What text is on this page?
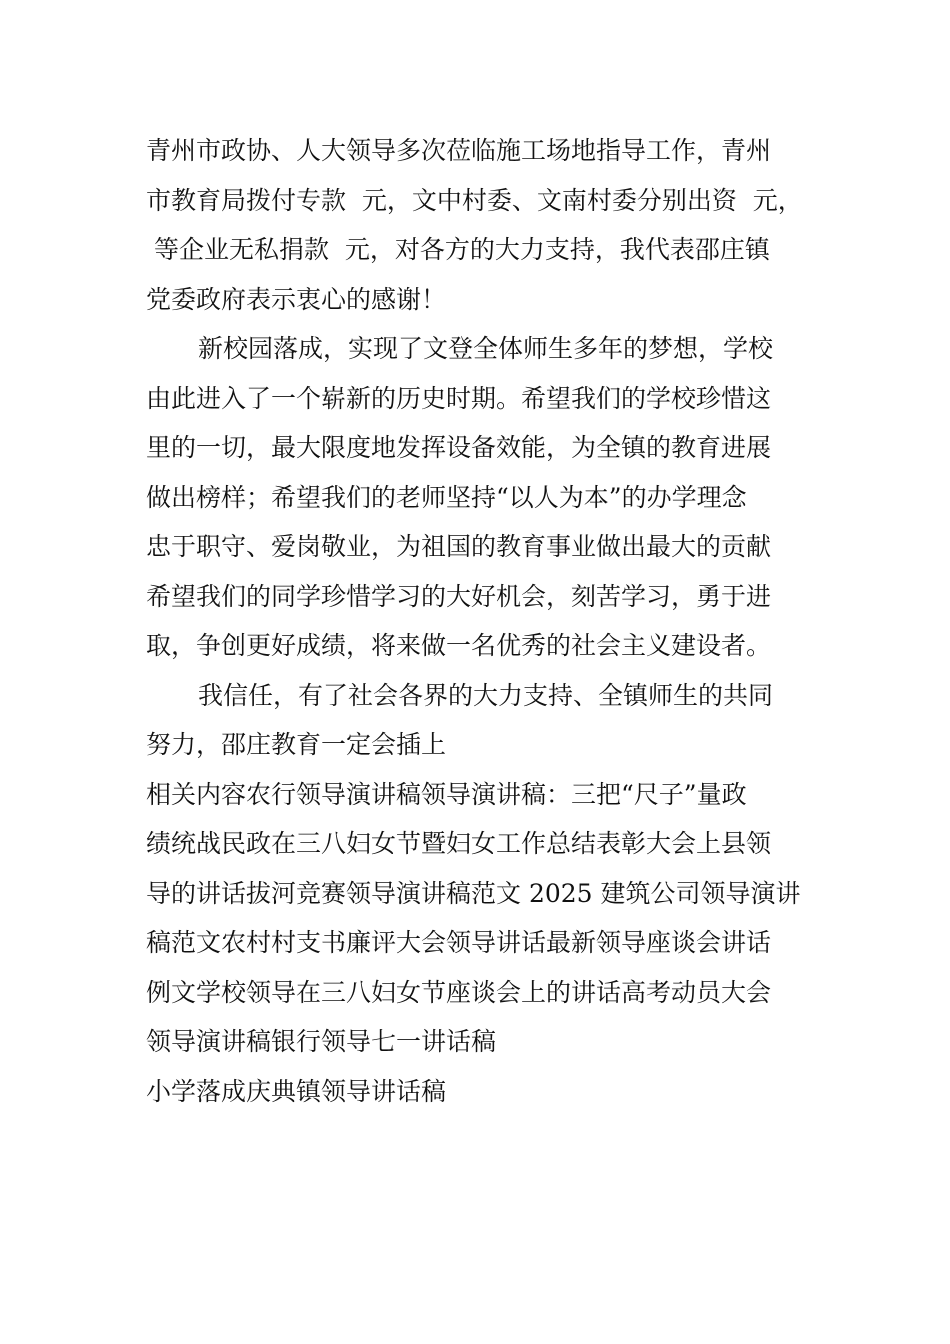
青州市政协、人大领导多次莅临施工场地指导工作，青州
市教育局拨付专款  元，文中村委、文南村委分别出资  元，
等企业无私捐款  元，对各方的大力支持，我代表邵庄镇
党委政府表示衷心的感谢！
新校园落成，实现了文登全体师生多年的梦想，学校
由此进入了一个崭新的历史时期。希望我们的学校珍惜这
里的一切，最大限度地发挥设备效能，为全镇的教育进展
做出榜样；希望我们的老师坚持“以人为本”的办学理念
忠于职守、爱岗敬业，为祖国的教育事业做出最大的贡献
希望我们的同学珍惜学习的大好机会，刻苦学习，勇于进
取，争创更好成绩，将来做一名优秀的社会主义建设者。
我信任，有了社会各界的大力支持、全镇师生的共同
努力，邵庄教育一定会插上
相关内容农行领导演讲稿领导演讲稿：三把“尺子”量政
绩统战民政在三八妇女节暨妇女工作总结表彰大会上县领
导的讲话拔河竞赛领导演讲稿范文 2025 建筑公司领导演讲
稿范文农村村支书廉评大会领导讲话最新领导座谈会讲话
例文学校领导在三八妇女节座谈会上的讲话高考动员大会
领导演讲稿银行领导七一讲话稿
小学落成庆典镇领导讲话稿
